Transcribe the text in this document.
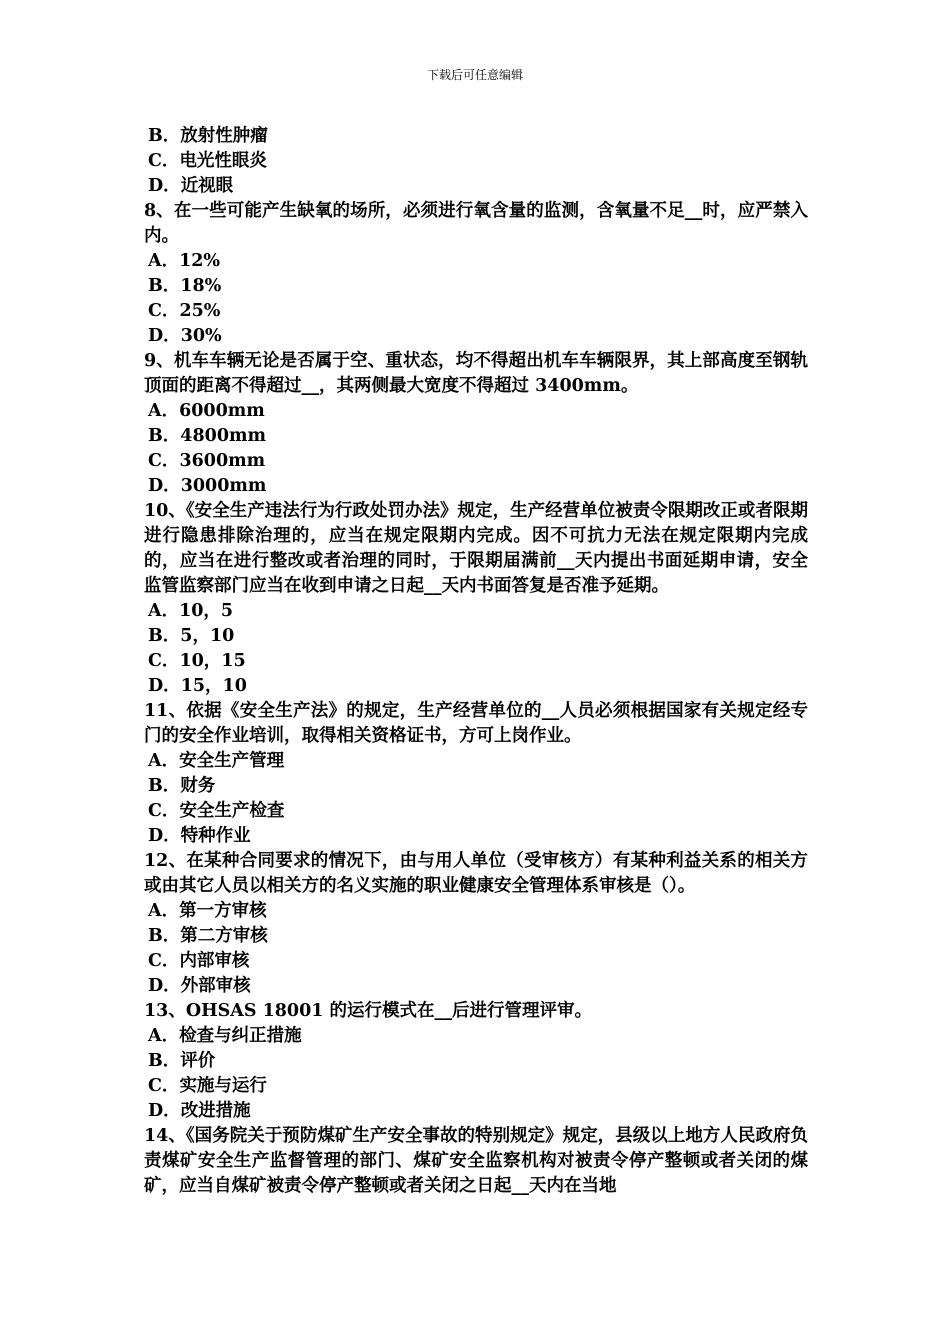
下载后可任意编辑

B．放射性肿瘤

C．电光性眼炎

D．近视眼

8、在一些可能产生缺氧的场所，必须进行氧含量的监测，含氧量不足__时，应严禁入内。

A．12%

B．18%

C．25%

D．30%

9、机车车辆无论是否属于空、重状态，均不得超出机车车辆限界，其上部高度至钢轨顶面的距离不得超过__，其两侧最大宽度不得超过 3400mm。

A．6000mm

B．4800mm

C．3600mm

D．3000mm

10、《安全生产违法行为行政处罚办法》规定，生产经营单位被责令限期改正或者限期进行隐患排除治理的，应当在规定限期内完成。因不可抗力无法在规定限期内完成的，应当在进行整改或者治理的同时，于限期届满前__天内提出书面延期申请，安全监管监察部门应当在收到申请之日起__天内书面答复是否准予延期。

A．10，5

B．5，10

C．10，15

D．15，10

11、依据《安全生产法》的规定，生产经营单位的__人员必须根据国家有关规定经专门的安全作业培训，取得相关资格证书，方可上岗作业。

A．安全生产管理

B．财务

C．安全生产检查

D．特种作业

12、在某种合同要求的情况下，由与用人单位（受审核方）有某种利益关系的相关方或由其它人员以相关方的名义实施的职业健康安全管理体系审核是（）。

A．第一方审核

B．第二方审核

C．内部审核

D．外部审核

13、OHSAS 18001 的运行模式在__后进行管理评审。

A．检查与纠正措施

B．评价

C．实施与运行

D．改进措施

14、《国务院关于预防煤矿生产安全事故的特别规定》规定，县级以上地方人民政府负责煤矿安全生产监督管理的部门、煤矿安全监察机构对被责令停产整顿或者关闭的煤矿，应当自煤矿被责令停产整顿或者关闭之日起__天内在当地
